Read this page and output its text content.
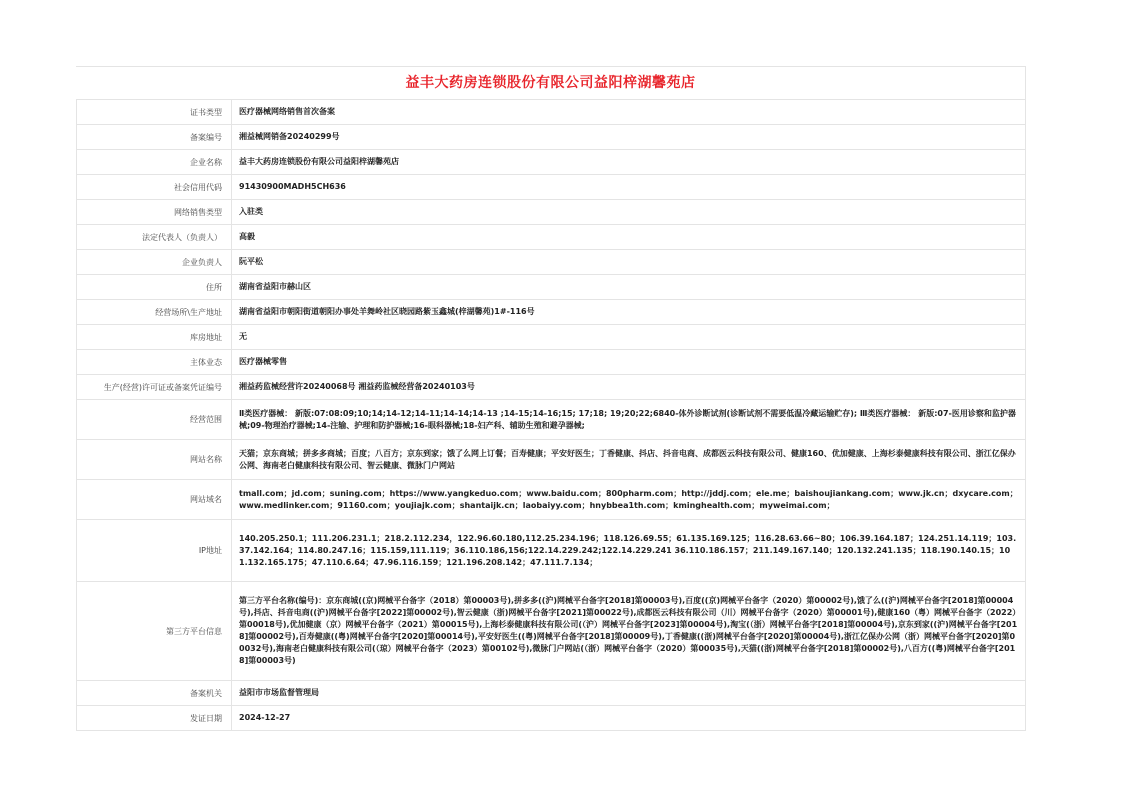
益丰大药房连锁股份有限公司益阳梓湖馨苑店
证书类型	医疗器械网络销售首次备案
备案编号	湘益械网销备20240299号
企业名称	益丰大药房连锁股份有限公司益阳梓湖馨苑店
社会信用代码	91430900MADH5CH636
网络销售类型	入驻类
法定代表人（负责人）	高毅
企业负责人	阮平松
住所	湖南省益阳市赫山区
经营场所\生产地址	湖南省益阳市朝阳街道朝阳办事处羊舞岭社区晓园路紫玉鑫城(梓湖馨苑)1#-116号
库房地址	无
主体业态	医疗器械零售
生产(经营)许可证或备案凭证编号	湘益药监械经营许20240068号 湘益药监械经营备20240103号
经营范围	Ⅱ类医疗器械： 新版:07:08:09;10;14;14-12;14-11;14-14;14-13 ;14-15;14-16;15; 17;18; 19;20;22;6840-体外诊断试剂(诊断试剂不需要低温冷藏运输贮存); Ⅲ类医疗器械： 新版:07-医用诊察和监护器械;09-物理治疗器械;14-注输、护理和防护器械;16-眼科器械;18-妇产科、辅助生殖和避孕器械;
网站名称	天猫；京东商城；拼多多商城；百度；八百方；京东到家；饿了么网上订餐；百寿健康；平安好医生；丁香健康、抖店、抖音电商、成都医云科技有限公司、健康160、优加健康、上海杉泰健康科技有限公司、浙江亿保办公网、海南老白健康科技有限公司、智云健康、微脉门户网站
网站域名	tmall.com；jd.com；suning.com；https://www.yangkeduo.com；www.baidu.com；800pharm.com；http://jddj.com；ele.me；baishoujiankang.com；www.jk.cn；dxycare.com；www.medlinker.com；91160.com；youjiajk.com；shantaijk.cn；laobaiyy.com；hnybbea1th.com；kminghealth.com；myweimai.com；
IP地址	140.205.250.1；111.206.231.1；218.2.112.234，122.96.60.180,112.25.234.196；118.126.69.55；61.135.169.125；116.28.63.66~80；106.39.164.187；124.251.14.119；103.37.142.164；114.80.247.16；115.159,111.119；36.110.186,156;122.14.229.242;122.14.229.241 36.110.186.157；211.149.167.140；120.132.241.135；118.190.140.15；101.132.165.175；47.110.6.64；47.96.116.159；121.196.208.142；47.111.7.134；
第三方平台信息	第三方平台名称(编号)：京东商城((京)网械平台备字（2018）第00003号),拼多多((沪)网械平台备字[2018]第00003号),百度((京)网械平台备字（2020）第00002号),饿了么((沪)网械平台备字[2018]第00004号),抖店、抖音电商((沪)网械平台备字[2022]第00002号),智云健康（浙)网械平台备字[2021]第00022号),成都医云科技有限公司（川）网械平台备字（2020）第00001号),健康160（粤）网械平台备字（2022）第00018号),优加健康（京）网械平台备字（2021）第00015号),上海杉泰健康科技有限公司(（沪）网械平台备字[2023]第00004号),淘宝(（浙）网械平台备字[2018]第00004号),京东到家((沪)网械平台备字[2018]第00002号),百寿健康((粤)网械平台备字[2020]第00014号),平安好医生((粤)网械平台备字[2018]第00009号),丁香健康((浙)网械平台备字[2020]第00004号),浙江亿保办公网（浙）网械平台备字[2020]第00032号),海南老白健康科技有限公司(（琼）网械平台备字（2023）第00102号),微脉门户网站(（浙）网械平台备字（2020）第00035号),天猫((浙)网械平台备字[2018]第00002号),八百方((粤)网械平台备字[2018]第00003号)
备案机关	益阳市市场监督管理局
发证日期	2024-12-27
